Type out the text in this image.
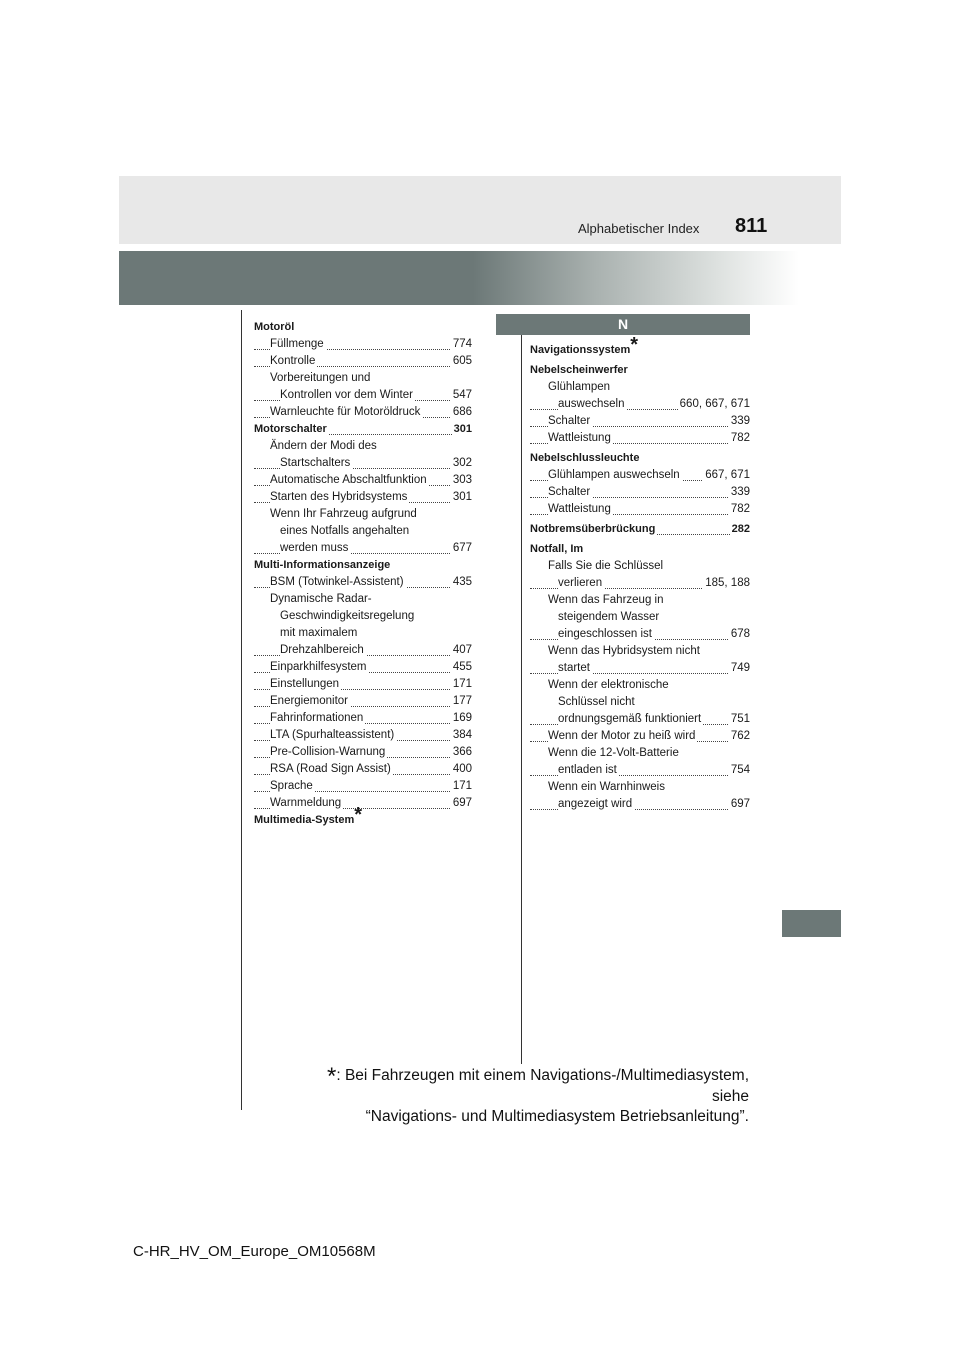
Alphabetischer Index 811
N
Motoröl
Füllmenge	774
Kontrolle	605
Vorbereitungen und
Kontrollen vor dem Winter	547
Warnleuchte für Motoröldruck	686
Motorschalter	301
Ändern der Modi des
Startschalters	302
Automatische Abschaltfunktion 303
Starten des Hybridsystems	301
Wenn Ihr Fahrzeug aufgrund
eines Notfalls angehalten
werden muss	677
Multi-Informationsanzeige
BSM (Totwinkel-Assistent)	435
Dynamische Radar-
Geschwindigkeitsregelung
mit maximalem
Drehzahlbereich	407
Einparkhilfesystem	455
Einstellungen	171
Energiemonitor	177
Fahrinformationen	169
LTA (Spurhalteassistent)	384
Pre-Collision-Warnung	366
RSA (Road Sign Assist)	400
Sprache	171
Warnmeldung	697
Multimedia-System*
Navigationssystem*
Nebelscheinwerfer
Glühlampen
auswechseln	660, 667, 671
Schalter	339
Wattleistung	782
Nebelschlussleuchte
Glühlampen auswechseln 667, 671
Schalter	339
Wattleistung	782
Notbremsüberbrückung	282
Notfall, Im
Falls Sie die Schlüssel
verlieren	185, 188
Wenn das Fahrzeug in
steigendem Wasser
eingeschlossen ist	678
Wenn das Hybridsystem nicht
startet	749
Wenn der elektronische
Schlüssel nicht
ordnungsgemäß funktioniert	751
Wenn der Motor zu heiß wird	762
Wenn die 12-Volt-Batterie
entladen ist	754
Wenn ein Warnhinweis
angezeigt wird	697
*: Bei Fahrzeugen mit einem Navigations-/Multimediasystem, siehe
“Navigations- und Multimediasystem Betriebsanleitung”.
C-HR_HV_OM_Europe_OM10568M
